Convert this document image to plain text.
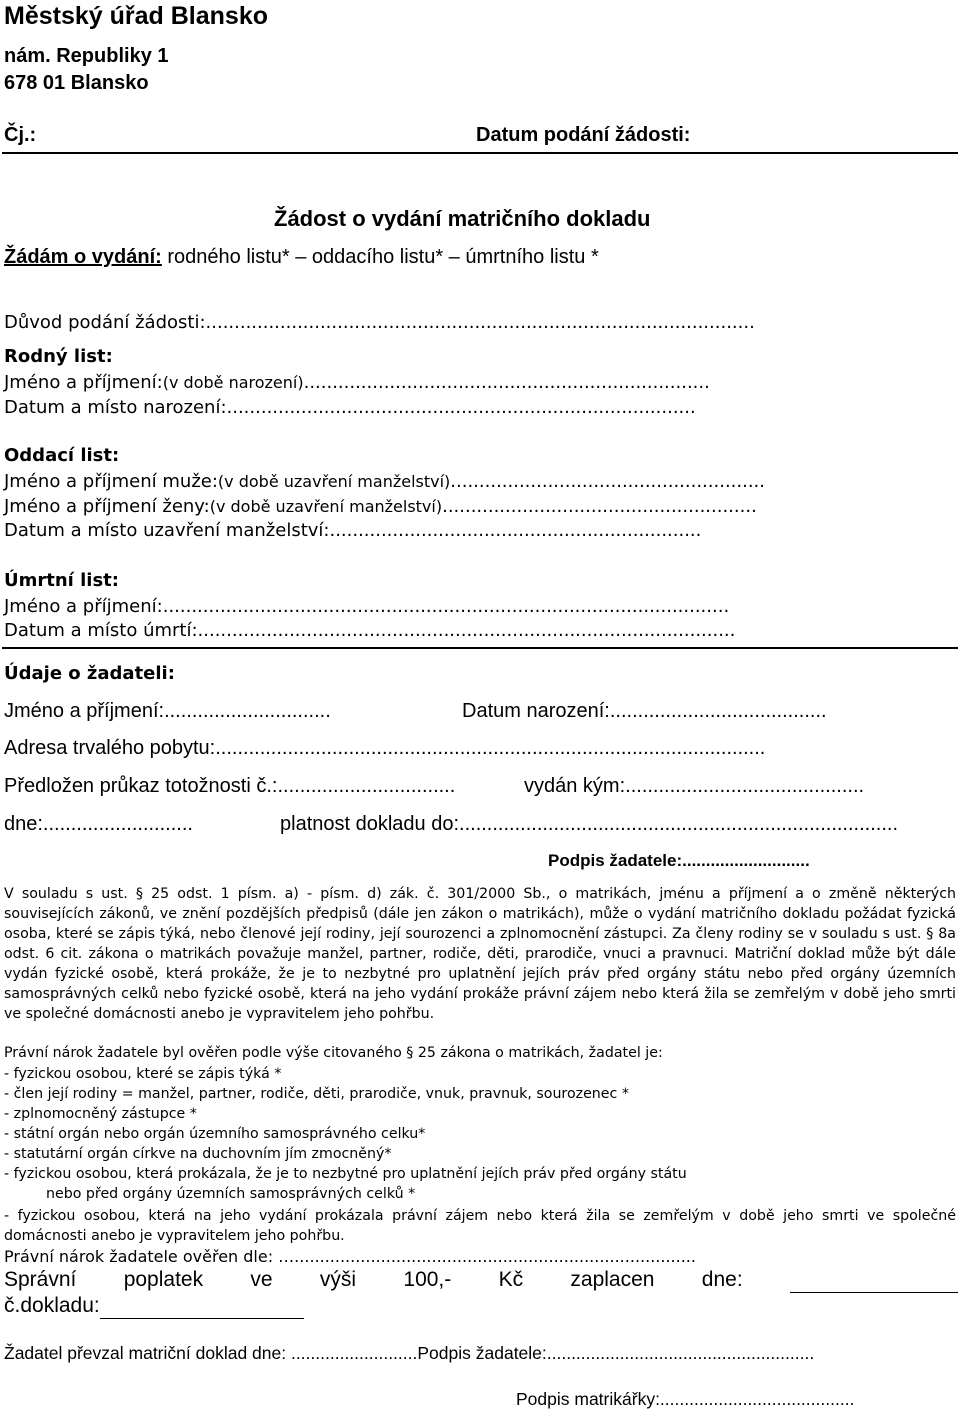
Městský úřad Blansko
nám. Republiky 1
678 01 Blansko
Čj.:	Datum podání žádosti:
Žádost o vydání matričního dokladu
Žádám o vydání: rodného listu* – oddacího listu* – úmrtního listu *
Důvod podání žádosti:................................................................................................
Rodný list:
Jméno a příjmení:(v době narození).......................................................................
Datum a místo narození:..................................................................................
Oddací list:
Jméno a příjmení muže:(v době uzavření manželství).......................................................
Jméno a příjmení ženy:(v době uzavření manželství).......................................................
Datum a místo uzavření manželství:.................................................................
Úmrtní list:
Jméno a příjmení:...................................................................................................
Datum a místo úmrtí:..............................................................................................
Údaje o žadateli:
Jméno a příjmení:..............................	Datum narození:.......................................
Adresa trvalého pobytu:...................................................................................................
Předložen průkaz totožnosti č.:................................	vydán kým:...........................................
dne:...........................	platnost dokladu do:...............................................................................
Podpis žadatele:...........................
V souladu s ust. § 25 odst. 1 písm. a) - písm. d) zák. č. 301/2000 Sb., o matrikách, jménu a příjmení a o změně některých souvisejících zákonů, ve znění pozdějších předpisů (dále jen zákon o matrikách), může o vydání matričního dokladu požádat fyzická osoba, které se zápis týká, nebo členové její rodiny, její sourozenci a zplnomocnění zástupci. Za členy rodiny se v souladu s ust. § 8a odst. 6 cit. zákona o matrikách považuje manžel, partner, rodiče, děti, prarodiče, vnuci a pravnuci. Matriční doklad může být dále vydán fyzické osobě, která prokáže, že je to nezbytné pro uplatnění jejích práv před orgány státu nebo před orgány územních samosprávných celků nebo fyzické osobě, která na jeho vydání prokáže právní zájem nebo která žila se zemřelým v době jeho smrti ve společné domácnosti anebo je vypravitelem jeho pohřbu.
Právní nárok žadatele byl ověřen podle výše citovaného § 25 zákona o matrikách, žadatel je:
- fyzickou osobou, které se zápis týká *
- člen její rodiny = manžel, partner, rodiče, děti, prarodiče, vnuk, pravnuk, sourozenec *
- zplnomocněný zástupce *
- státní orgán nebo orgán územního samosprávného celku*
- statutární orgán církve na duchovním jím zmocněný*
- fyzickou osobou, která prokázala, že je to nezbytné pro uplatnění jejích práv před orgány státu
nebo před orgány územních samosprávných celků *
- fyzickou osobou, která na jeho vydání prokázala právní zájem nebo která žila se zemřelým v době jeho smrti ve společné domácnosti anebo je vypravitelem jeho pohřbu.
Právní nárok žadatele ověřen dle: …...............................................................................
Správní poplatek ve výši 100,- Kč zaplacen dne:
č.dokladu:
Žadatel převzal matriční doklad dne: ..........................Podpis žadatele:.......................................................
Podpis matrikářky:........................................
